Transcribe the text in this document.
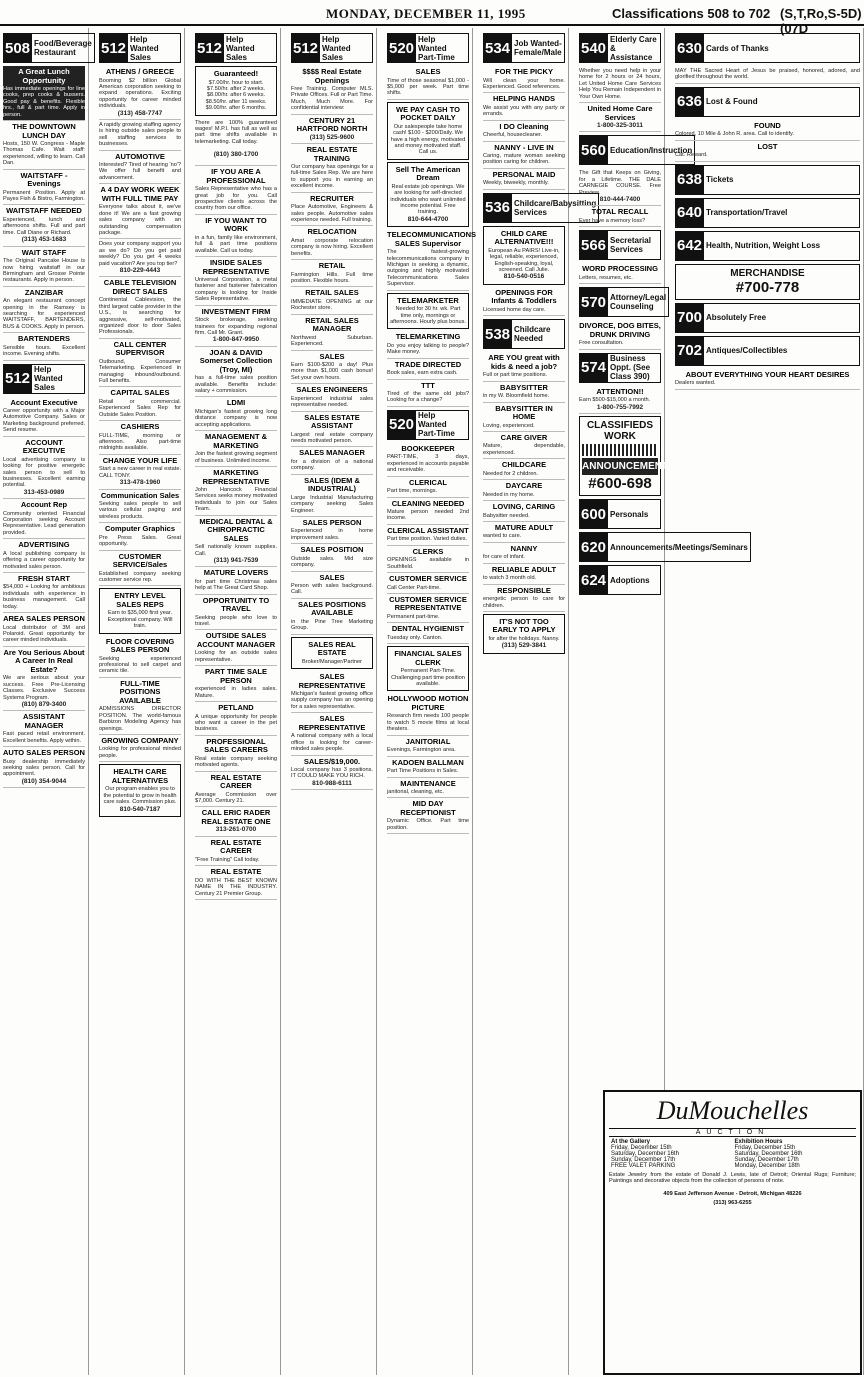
MONDAY, DECEMBER 11, 1995	Classifications 508 to 702 (S,T,Ro,S-5D)(07D
508 Food/Beverage Restaurant
A Great Lunch Opportunity
Has immediate openings for line cooks, prep cooks & bussers. Good pay & benefits. Flexible hrs., full & part time. Apply in person.
THE DOWNTOWN LUNCH DAY
Hosts, 150 W. Congress - Maple Thomas Cafe. Wait staff: experienced, willing to learn. Call Dan.
WAITSTAFF - Evenings
Permanent Position. Apply at Payes Fish & Bistro, Farmington.
WAITSTAFF NEEDED
Experienced, lunch and afternoons shifts. Full and part time. Call Diane or Richard.
(313) 453-1683
WAIT STAFF
The Original Pancake House is now hiring waitstaff in our Birmingham and Grosse Pointe restaurants. Apply in person.
ZANZIBAR
An elegant restaurant concept opening in the Ramsey is searching for experienced WAITSTAFF, BARTENDERS, BUS & COOKS. Apply in person.
BARTENDERS
Sensible hours. Excellent income. Evening shifts.
512
Help Wanted Sales
Account Executive
Career opportunity with a Major Automotive Company. Sales or Marketing background preferred. Send resume.
ACCOUNT EXECUTIVE
Local advertising company is looking for positive energetic sales person to sell to businesses. Excellent earning potential.
313-453-0989
Account Rep
Community oriented Financial Corporation seeking Account Representative. Lead generation provided.
ADVERTISING
A local publishing company is offering a career opportunity for motivated sales person.
FRESH START
$54,000 + Looking for ambitious individuals with experience in business management. Call today.
AREA SALES PERSON
Local distributor of 3M and Polaroid. Great opportunity for career minded individuals.
Are You Serious About A Career In Real Estate?
We are serious about your success. Free Pre-Licensing Classes. Exclusive Success Systems Program.
(810) 879-3400
ASSISTANT MANAGER
Fast paced retail environment. Excellent benefits. Apply within.
AUTO SALES PERSON
Busy dealership immediately seeking sales person. Call for appointment.
(810) 354-9044
512
Help Wanted Sales
ATHENS / GREECE
Booming $2 billion Global American corporation seeking to expand operations. Exciting opportunity for career minded individuals.
(313) 458-7747
A rapidly growing staffing agency is hiring outside sales people to sell staffing services to businesses.
AUTOMOTIVE
Interested? Tired of hearing 'no'? We offer full benefit and advancement.
A 4 DAY WORK WEEK WITH FULL TIME PAY
Everyone talks about it, we've done it! We are a fast growing sales company with an outstanding compensation package.
Does your company support you as we do? Do you get paid weekly? Do you get 4 weeks paid vacation? Are you top tier?
810-229-4443
CABLE TELEVISION DIRECT SALES
Continental Cablevision, the third largest cable provider in the U.S., is searching for aggressive, self-motivated, organized door to door Sales Professionals.
CALL CENTER SUPERVISOR
Outbound, Consumer Telemarketing. Experienced in managing inbound/outbound. Full benefits.
CAPITAL SALES
Retail or commercial. Experienced Sales Rep for Outside Sales Position.
CASHIERS
FULL-TIME, morning or afternoon. Also part-time midnights available.
CHANGE YOUR LIFE
Start a new career in real estate. CALL TONY.
313-478-1960
Communication Sales
Seeking sales people to sell various cellular paging and wireless products.
Computer Graphics
Pre Press Sales. Great opportunity.
CUSTOMER SERVICE/Sales
Established company seeking customer service rep.
ENTRY LEVEL SALES REPS
Earn to $35,000 first year. Exceptional company. Will train.
FLOOR COVERING SALES PERSON
Seeking experienced professional to sell carpet and ceramic tile.
FULL-TIME POSITIONS AVAILABLE
ADMISSIONS DIRECTOR POSITION. The world-famous Barbizon Modeling Agency has openings.
GROWING COMPANY
Looking for professional minded people.
HEALTH CARE ALTERNATIVES
Our program enables you to the potential to grow in health care sales. Commission plus.
810-540-7187
512
Help Wanted Sales
Guaranteed!
$7.00/hr. hour to start. $7.50/hr. after 2 weeks. $8.00/hr. after 6 weeks. $8.50/hr. after 11 weeks. $9.00/hr. after 6 months.
There are 100% guaranteed wages! M.P.I. has full as well as part time shifts available in telemarketing. Call today.
(810) 380-1700
IF YOU ARE A PROFESSIONAL
Sales Representative who has a great job for you. Call prospective clients across the country from our office.
IF YOU WANT TO WORK
in a fun, family like environment, full & part time positions available. Call us today.
INSIDE SALES REPRESENTATIVE
Universal Corporation, a metal fastener and fastener fabrication company is looking for Inside Sales Representative.
INVESTMENT FIRM
Stock brokerage, seeking trainees for expanding regional firm. Call Mr. Grant.
1-800-847-9950
JOAN & DAVID Somerset Collection (Troy, MI)
has a full-time sales position available. Benefits include: salary + commission.
LDMI
Michigan's fastest growing long distance company is now accepting applications.
MANAGEMENT & MARKETING
Join the fastest growing segment of business. Unlimited income.
MARKETING REPRESENTATIVE
John Hancock Financial Services seeks money motivated individuals to join our Sales Team.
MEDICAL DENTAL & CHIROPRACTIC SALES
Sell nationally known supplies. Call.
(313) 941-7539
MATURE LOVERS
for part time Christmas sales help at The Great Card Shop.
OPPORTUNITY TO TRAVEL
Seeking people who love to travel.
OUTSIDE SALES ACCOUNT MANAGER
Looking for an outside sales representative.
PART TIME SALE PERSON
experienced in ladies sales. Mature.
PETLAND
A unique opportunity for people who want a career in the pet business.
PROFESSIONAL SALES CAREERS
Real estate company seeking motivated agents.
REAL ESTATE CAREER
Average Commission over $7,000. Century 21.
CALL ERIC RADER REAL ESTATE ONE
313-261-0700
REAL ESTATE CAREER
"Free Training" Call today.
REAL ESTATE
DO WITH THE BEST KNOWN NAME IN THE INDUSTRY. Century 21 Premier Group.
512
Help Wanted Sales
$$$$ Real Estate Openings
Free Training. Computer MLS. Private Offices. Full or Part Time. Much, Much More. For confidential interview:
CENTURY 21 HARTFORD NORTH
(313) 525-9600
REAL ESTATE TRAINING
Our company has openings for a full-time Sales Rep. We are here to support you in earning an excellent income.
RECRUITER
Place Automotive, Engineers & sales people. Automotive sales experience needed. Full training.
RELOCATION
Amat corporate relocation company is now hiring. Excellent benefits.
RETAIL
Farmington Hills. Full time position. Flexible hours.
RETAIL SALES
IMMEDIATE OPENING at our Rochester store.
RETAIL SALES MANAGER
Northwest Suburban. Experienced.
SALES
Earn $100-$200 a day! Plus more than $1,000 cash bonus! Set your own hours.
SALES ENGINEERS
Experienced industrial sales representative needed.
SALES ESTATE ASSISTANT
Largest real estate company needs motivated person.
SALES MANAGER
for a division of a national company.
SALES (IDEM & INDUSTRIAL)
Large Industrial Manufacturing company seeking Sales Engineer.
SALES PERSON
Experienced in home improvement sales.
SALES POSITION
Outside sales. Mid size company.
SALES
Person with sales background. Call.
SALES POSITIONS AVAILABLE
in the Pine Tree Marketing Group.
SALES REAL ESTATE
Broker/Manager/Partner
SALES REPRESENTATIVE
Michigan's fastest growing office supply company has an opening for a sales representative.
SALES REPRESENTATIVE
A national company with a local office is looking for career-minded sales people.
SALES/$19,000.
Local company has 3 positions. IT COULD MAKE YOU RICH.
810-988-6111
520
Help Wanted Part-Time
SALES
Time of those seasonal $1,000 - $5,000 per week. Part time shifts.
WE PAY CASH TO POCKET DAILY
Our salespeople take home cash! $100 - $200/Daily. We have a high energy, motivated and money motivated staff. Call us.
Sell The American Dream
Real estate job openings. We are looking for self-directed individuals who want unlimited income potential. Free training.
810-644-4700
TELECOMMUNICATIONS SALES Supervisor
The fastest-growing telecommunications company in Michigan is seeking a dynamic, outgoing and highly motivated Telecommunications Sales Supervisor.
TELEMARKETER
Needed for 30 hr. wk. Part time only, mornings or afternoons. Hourly plus bonus.
TELEMARKETING
Do you enjoy talking to people? Make money.
TRADE DIRECTED
Book sales, earn extra cash.
TTT
Tired of the same old jobs? Looking for a change?
520
Help Wanted Part-Time
BOOKKEEPER
PART-TIME, 3 days, experienced in accounts payable and receivable.
CLERICAL
Part time, mornings.
CLEANING NEEDED
Mature person needed 2nd income.
CLERICAL ASSISTANT
Part time position. Varied duties.
CLERKS
OPENINGS available in Southfield.
CUSTOMER SERVICE
Call Center Part-time.
CUSTOMER SERVICE REPRESENTATIVE
Permanent part-time.
DENTAL HYGIENIST
Tuesday only. Canton.
FINANCIAL SALES CLERK
Permanent Part-Time. Challenging part time position available.
HOLLYWOOD MOTION PICTURE
Research firm needs 100 people to watch 5 movie films at local theaters.
JANITORIAL
Evenings, Farmington area.
KADOEN BALLMAN
Part Time Positions in Sales.
MAINTENANCE
janitorial, cleaning, etc.
MID DAY RECEPTIONIST
Dynamic Office. Part time position.
534 Job Wanted-Female/Male
FOR THE PICKY
Will clean your home. Experienced. Good references.
HELPING HANDS
We assist you with any party or errands.
I DO Cleaning
Cheerful, housecleaner.
NANNY - LIVE IN
Caring, mature woman seeking position caring for children.
PERSONAL MAID
Weekly, biweekly, monthly.
536 Childcare/Babysitting Services
CHILD CARE ALTERNATIVE!!!
European Au PAIRS! Live-in, legal, reliable, experienced, English-speaking, loyal, screened. Call Julie.
810-540-0516
OPENINGS FOR Infants & Toddlers
Licensed home day care.
538 Childcare Needed
ARE YOU great with kids & need a job?
Full or part time positions.
BABYSITTER
in my W. Bloomfield home.
BABYSITTER IN HOME
Loving, experienced.
CARE GIVER
Mature, dependable, experienced.
CHILDCARE
Needed for 2 children.
DAYCARE
Needed in my home.
LOVING, CARING
Babysitter needed.
MATURE ADULT
wanted to care.
NANNY
for care of infant.
RELIABLE ADULT
to watch 3 month old.
RESPONSIBLE
energetic person to care for children.
IT'S NOT TOO EARLY TO APPLY
for after the holidays. Nanny.
(313) 529-3841
540
Elderly Care & Assistance
Whether you need help in your home for 2 hours or 24 hours, Let United Home Care Services Help You Remain Independent in Your Own Home.
United Home Care Services
1-800-325-3011
560 Education/Instruction
The Gift that Keeps on Giving, for a Lifetime. THE DALE CARNEGIE COURSE. Free Preview.
810-444-7400
TOTAL RECALL
Ever have a memory loss?
566 Secretarial Services
WORD PROCESSING
Letters, resumes, etc.
570 Attorney/Legal Counseling
DIVORCE, DOG BITES, DRUNK DRIVING
Free consultation.
574
Business Oppt. (See Class 390)
ATTENTION!!
Earn $500-$15,000 a month.
1-800-755-7992
CLASSIFIEDS WORK
ANNOUNCEMENTS
#600-698
600 Personals
620 Announcements/Meetings/Seminars
624 Adoptions
630 Cards of Thanks
MAY THE Sacred Heart of Jesus be praised, honored, adored, and glorified throughout the world.
636 Lost & Found
FOUND
Colored, 10 Mile & John R. area. Call to identify.
LOST
Cat. Reward.
638 Tickets
640 Transportation/Travel
642 Health, Nutrition, Weight Loss
MERCHANDISE
#700-778
700 Absolutely Free
702 Antiques/Collectibles
ABOUT EVERYTHING YOUR HEART DESIRES
Dealers wanted.
DuMouchelles
AUCTION
At the Gallery	Exhibition Hours
Friday, December 15th	Friday, December 15th
Saturday, December 16th	Saturday, December 16th
Sunday, December 17th	Sunday, December 17th
FREE VALET PARKING	Monday, December 18th
Estate Jewelry from the estate of Donald J. Lewis, late of Detroit; Oriental Rugs; Furniture; Paintings and decorative objects from the collection of persons of note.
409 East Jefferson Avenue - Detroit, Michigan 48226
(313) 963-6255
